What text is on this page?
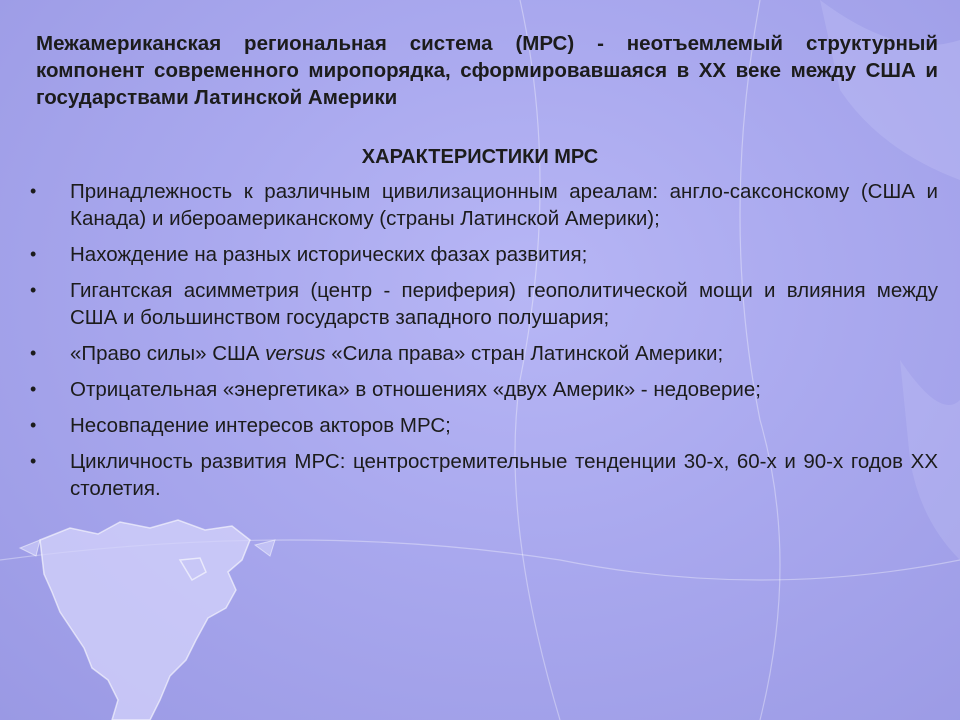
Межамериканская региональная система (МРС) - неотъемлемый структурный компонент современного миропорядка, сформировавшаяся в ХХ веке между США и государствами Латинской Америки
ХАРАКТЕРИСТИКИ МРС
• Принадлежность к различным цивилизационным ареалам: англо-саксонскому (США и Канада) и ибероамериканскому (страны Латинской Америки);
• Нахождение на разных исторических фазах развития;
• Гигантская асимметрия (центр - периферия) геополитической мощи и влияния между США и большинством государств западного полушария;
• «Право силы» США versus «Сила права» стран Латинской Америки;
• Отрицательная «энергетика» в отношениях «двух Америк» - недоверие;
• Несовпадение интересов акторов МРС;
• Цикличность развития МРС: центростремительные тенденции 30-х, 60-х и 90-х годов ХХ столетия.
